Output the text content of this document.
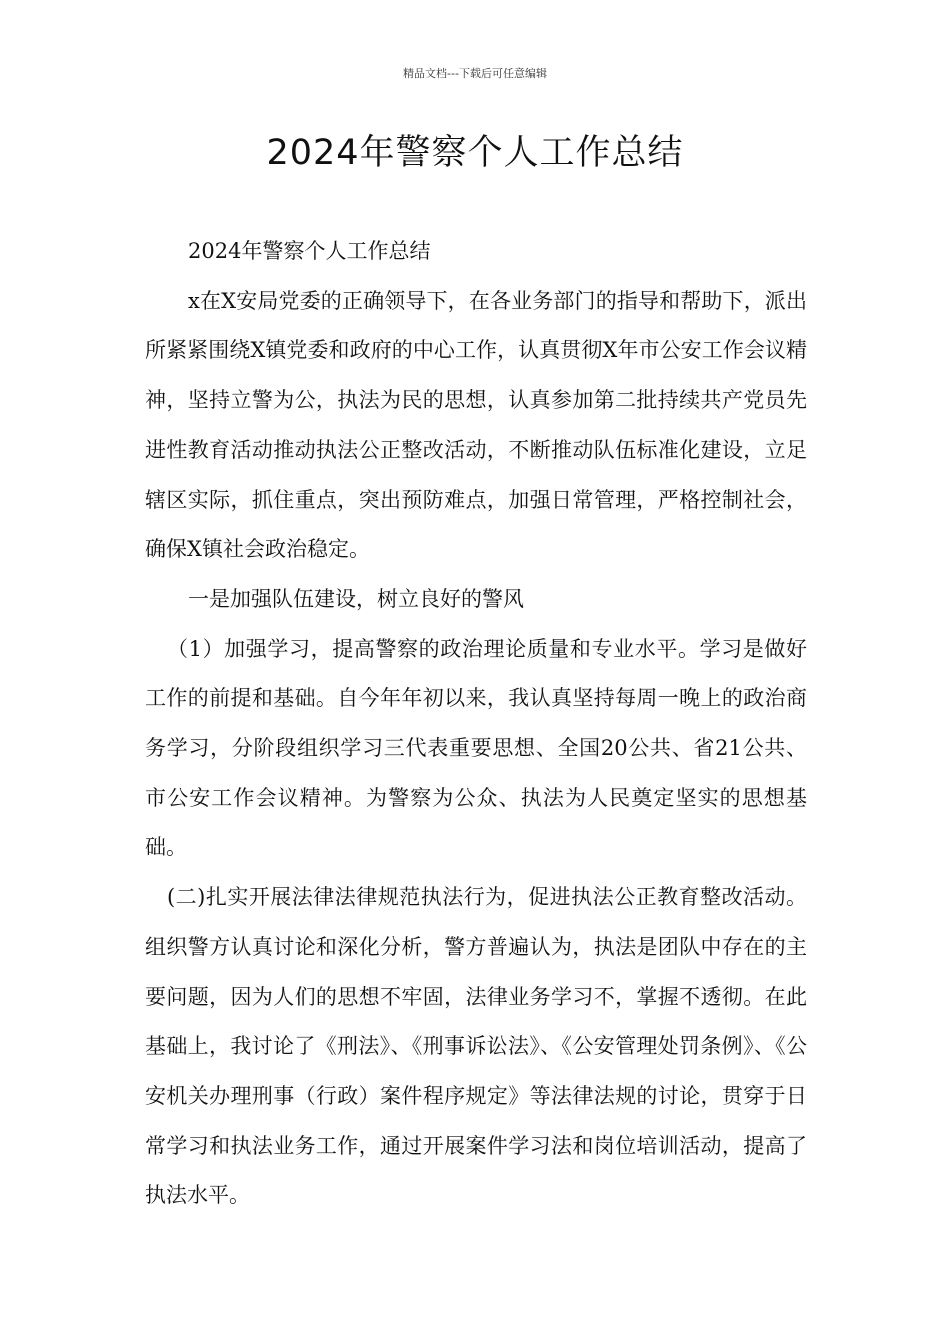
精品文档---下载后可任意编辑
2024年警察个人工作总结

2024年警察个人工作总结

x在X安局党委的正确领导下，在各业务部门的指导和帮助下，派出所紧紧围绕X镇党委和政府的中心工作，认真贯彻X年市公安工作会议精神，坚持立警为公，执法为民的思想，认真参加第二批持续共产党员先进性教育活动推动执法公正整改活动，不断推动队伍标准化建设，立足辖区实际，抓住重点，突出预防难点，加强日常管理，严格控制社会，确保X镇社会政治稳定。

一是加强队伍建设，树立良好的警风

（1）加强学习，提高警察的政治理论质量和专业水平。学习是做好工作的前提和基础。自今年年初以来，我认真坚持每周一晚上的政治商务学习，分阶段组织学习三代表重要思想、全国20公共、省21公共、市公安工作会议精神。为警察为公众、执法为人民奠定坚实的思想基础。

(二)扎实开展法律法律规范执法行为，促进执法公正教育整改活动。组织警方认真讨论和深化分析，警方普遍认为，执法是团队中存在的主要问题，因为人们的思想不牢固，法律业务学习不，掌握不透彻。在此基础上，我讨论了《刑法》、《刑事诉讼法》、《公安管理处罚条例》、《公安机关办理刑事（行政）案件程序规定》等法律法规的讨论，贯穿于日常学习和执法业务工作，通过开展案件学习法和岗位培训活动，提高了执法水平。
